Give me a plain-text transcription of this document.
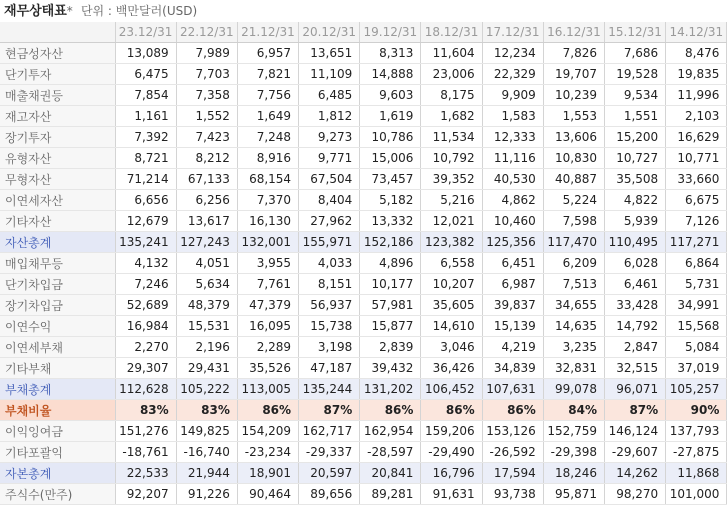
재무상태표* 단위 : 백만달러(USD)
	23.12/31	22.12/31	21.12/31	20.12/31	19.12/31	18.12/31	17.12/31	16.12/31	15.12/31	14.12/31
현금성자산	13,089	7,989	6,957	13,651	8,313	11,604	12,234	7,826	7,686	8,476
단기투자	6,475	7,703	7,821	11,109	14,888	23,006	22,329	19,707	19,528	19,835
매출채권등	7,854	7,358	7,756	6,485	9,603	8,175	9,909	10,239	9,534	11,996
재고자산	1,161	1,552	1,649	1,812	1,619	1,682	1,583	1,553	1,551	2,103
장기투자	7,392	7,423	7,248	9,273	10,786	11,534	12,333	13,606	15,200	16,629
유형자산	8,721	8,212	8,916	9,771	15,006	10,792	11,116	10,830	10,727	10,771
무형자산	71,214	67,133	68,154	67,504	73,457	39,352	40,530	40,887	35,508	33,660
이연세자산	6,656	6,256	7,370	8,404	5,182	5,216	4,862	5,224	4,822	6,675
기타자산	12,679	13,617	16,130	27,962	13,332	12,021	10,460	7,598	5,939	7,126
자산총계	135,241	127,243	132,001	155,971	152,186	123,382	125,356	117,470	110,495	117,271
매입채무등	4,132	4,051	3,955	4,033	4,896	6,558	6,451	6,209	6,028	6,864
단기차입금	7,246	5,634	7,761	8,151	10,177	10,207	6,987	7,513	6,461	5,731
장기차입금	52,689	48,379	47,379	56,937	57,981	35,605	39,837	34,655	33,428	34,991
이연수익	16,984	15,531	16,095	15,738	15,877	14,610	15,139	14,635	14,792	15,568
이연세부채	2,270	2,196	2,289	3,198	2,839	3,046	4,219	3,235	2,847	5,084
기타부채	29,307	29,431	35,526	47,187	39,432	36,426	34,839	32,831	32,515	37,019
부채총계	112,628	105,222	113,005	135,244	131,202	106,452	107,631	99,078	96,071	105,257
부채비율	83%	83%	86%	87%	86%	86%	86%	84%	87%	90%
이익잉여금	151,276	149,825	154,209	162,717	162,954	159,206	153,126	152,759	146,124	137,793
기타포괄익	-18,761	-16,740	-23,234	-29,337	-28,597	-29,490	-26,592	-29,398	-29,607	-27,875
자본총계	22,533	21,944	18,901	20,597	20,841	16,796	17,594	18,246	14,262	11,868
주식수(만주)	92,207	91,226	90,464	89,656	89,281	91,631	93,738	95,871	98,270	101,000
